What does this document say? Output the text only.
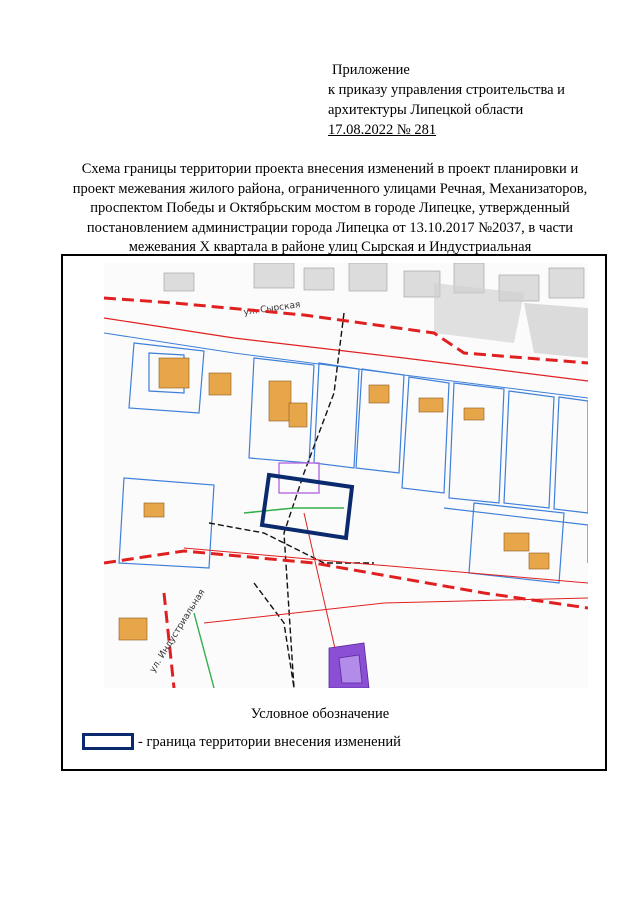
Приложение
к приказу управления строительства и
архитектуры Липецкой области
17.08.2022 № 281
Схема границы территории проекта внесения изменений в проект планировки и
проект межевания жилого района, ограниченного улицами Речная, Механизаторов,
проспектом Победы и Октябрьским мостом в городе Липецке, утвержденный
постановлением администрации города Липецка от 13.10.2017 №2037, в части
межевания X квартала в районе улиц Сырская и Индустриальная
ул. Сырская
ул. Индустриальная
Условное обозначение
- граница территории внесения изменений
